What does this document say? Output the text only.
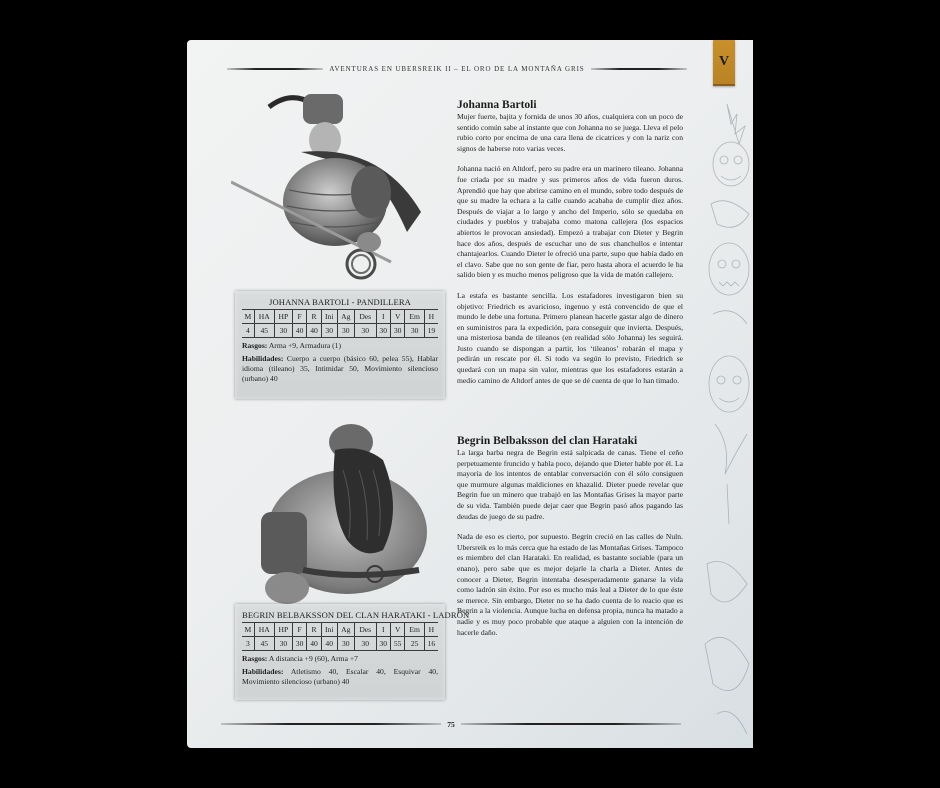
AVENTURAS EN UBERSREIK II – EL ORO DE LA MONTAÑA GRIS	V
JOHANNA BARTOLI - PANDILLERA
M	HA	HP	F	R	Ini	Ag	Des	I	V	Em	H
4	45	30	40	40	30	30	30	30	30	30	19
Rasgos: Arma +9, Armadura (1)
Habilidades: Cuerpo a cuerpo (básico 60, pelea 55), Hablar idioma (tileano) 35, Intimidar 50, Movimiento silencioso (urbano) 40
BEGRIN BELBAKSSON DEL CLAN HARATAKI - LADRÓN
M	HA	HP	F	R	Ini	Ag	Des	I	V	Em	H
3	45	30	30	40	40	30	30	30	55	25	16
Rasgos: A distancia +9 (60), Arma +7
Habilidades: Atletismo 40, Escalar 40, Esquivar 40, Movimiento silencioso (urbano) 40
Johanna Bartoli

Mujer fuerte, bajita y fornida de unos 30 años, cualquiera con un poco de sentido común sabe al instante que con Johanna no se juega. Lleva el pelo rubio corto por encima de una cara llena de cicatrices y con la nariz con signos de haberse roto varias veces.

Johanna nació en Altdorf, pero su padre era un marinero tileano. Johanna fue criada por su madre y sus primeros años de vida fueron duros. Aprendió que hay que abrirse camino en el mundo, sobre todo después de que su madre la echara a la calle cuando acababa de cumplir diez años. Después de viajar a lo largo y ancho del Imperio, sólo se quedaba en ciudades y pueblos y trabajaba como matona callejera (los espacios abiertos le provocan ansiedad). Empezó a trabajar con Dieter y Begrin hace dos años, después de escuchar uno de sus chanchullos e intentar chantajearlos. Cuando Dieter le ofreció una parte, supo que había dado en el clavo. Sabe que no son gente de fiar, pero hasta ahora el acuerdo le ha salido bien y es mucho menos peligroso que la vida de matón callejero.

La estafa es bastante sencilla. Los estafadores investigaron bien su objetivo: Friedrich es avaricioso, ingenuo y está convencido de que el mundo le debe una fortuna. Primero planean hacerle gastar algo de dinero en suministros para la expedición, para conseguir que invierta. Después, una misteriosa banda de tileanos (en realidad sólo Johanna) les seguirá. Justo cuando se dispongan a partir, los ‘tileanos’ robarán el mapa y pedirán un rescate por él. Si todo va según lo previsto, Friedrich se quedará con un mapa sin valor, mientras que los estafadores estarán a medio camino de Altdorf antes de que se dé cuenta de que lo han timado.

Begrin Belbaksson del clan Harataki

La larga barba negra de Begrin está salpicada de canas. Tiene el ceño perpetuamente fruncido y habla poco, dejando que Dieter hable por él. La mayoría de los intentos de entablar conversación con él sólo consiguen que murmure algunas maldiciones en khazalid. Dieter puede revelar que Begrin fue un minero que trabajó en las Montañas Grises la mayor parte de su vida. También puede dejar caer que Begrin pasó años pagando las deudas de juego de su padre.

Nada de eso es cierto, por supuesto. Begrin creció en las calles de Nuln. Ubersreik es lo más cerca que ha estado de las Montañas Grises. Tampoco es miembro del clan Harataki. En realidad, es bastante sociable (para un enano), pero sabe que es mejor dejarle la charla a Dieter. Antes de conocer a Dieter, Begrin intentaba desesperadamente ganarse la vida como ladrón sin éxito. Por eso es mucho más leal a Dieter de lo que éste se merece. Sin embargo, Dieter no se ha dado cuenta de lo reacio que es Begrin a la violencia. Aunque lucha en defensa propia, nunca ha matado a nadie y es muy poco probable que ataque a alguien con la intención de hacerle daño.

75
